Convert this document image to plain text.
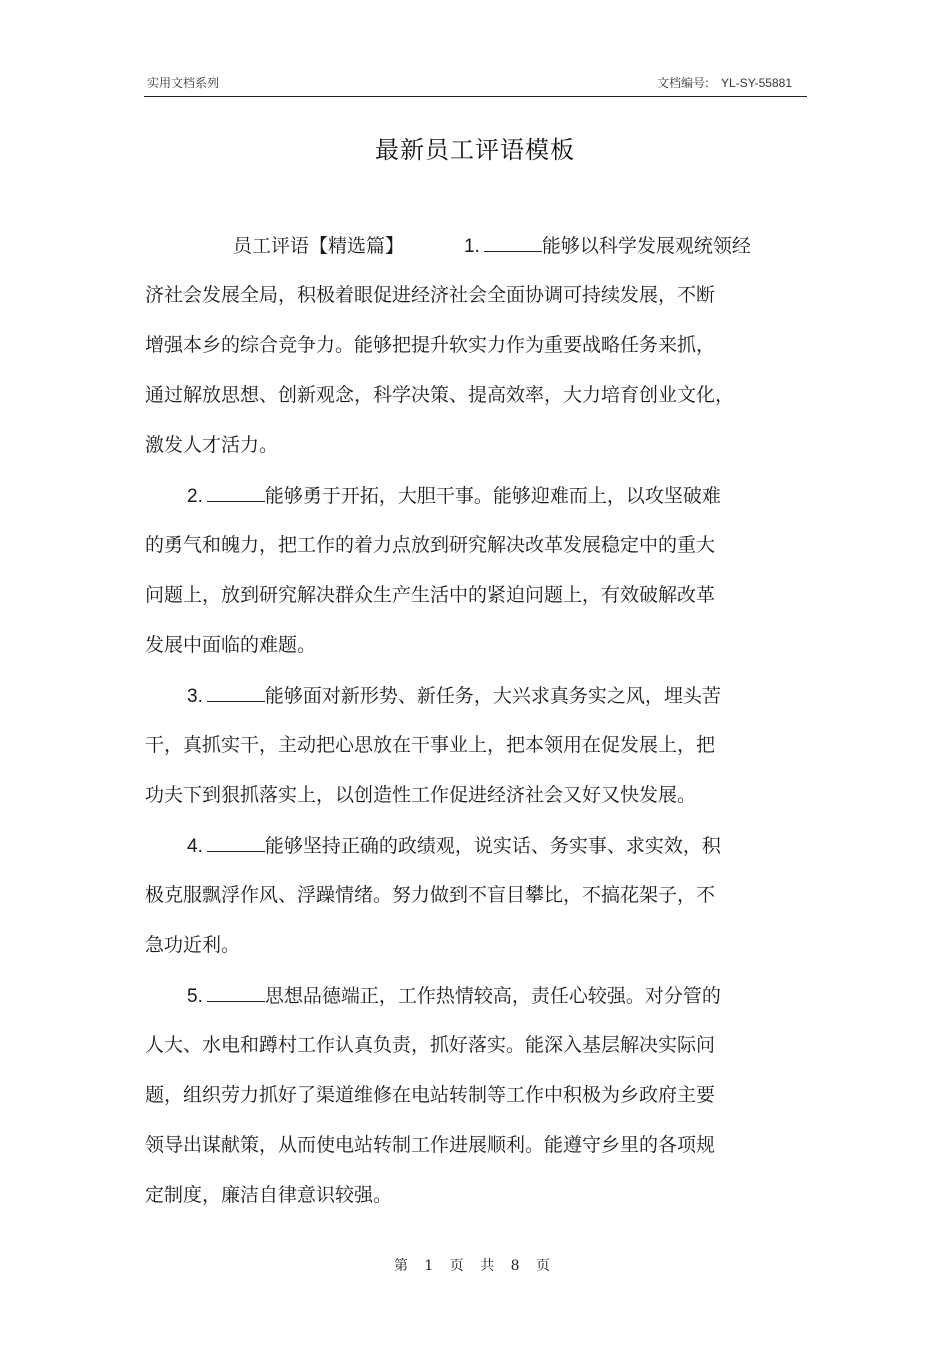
实用文档系列	文档编号: YL-SY-55881
最新员工评语模板
员工评语【精选篇】	1.	能够以科学发展观统领经
济社会发展全局，积极着眼促进经济社会全面协调可持续发展，不断
增强本乡的综合竞争力。能够把提升软实力作为重要战略任务来抓，
通过解放思想、创新观念，科学决策、提高效率，大力培育创业文化，
激发人才活力。
2.	能够勇于开拓，大胆干事。能够迎难而上，以攻坚破难
的勇气和魄力，把工作的着力点放到研究解决改革发展稳定中的重大
问题上，放到研究解决群众生产生活中的紧迫问题上，有效破解改革
发展中面临的难题。
3.	能够面对新形势、新任务，大兴求真务实之风，埋头苦
干，真抓实干，主动把心思放在干事业上，把本领用在促发展上，把
功夫下到狠抓落实上，以创造性工作促进经济社会又好又快发展。
4.	能够坚持正确的政绩观，说实话、务实事、求实效，积
极克服飘浮作风、浮躁情绪。努力做到不盲目攀比，不搞花架子，不
急功近利。
5.	思想品德端正，工作热情较高，责任心较强。对分管的
人大、水电和蹲村工作认真负责，抓好落实。能深入基层解决实际问
题，组织劳力抓好了渠道维修在电站转制等工作中积极为乡政府主要
领导出谋献策，从而使电站转制工作进展顺利。能遵守乡里的各项规
定制度，廉洁自律意识较强。
第 1 页 共 8 页
